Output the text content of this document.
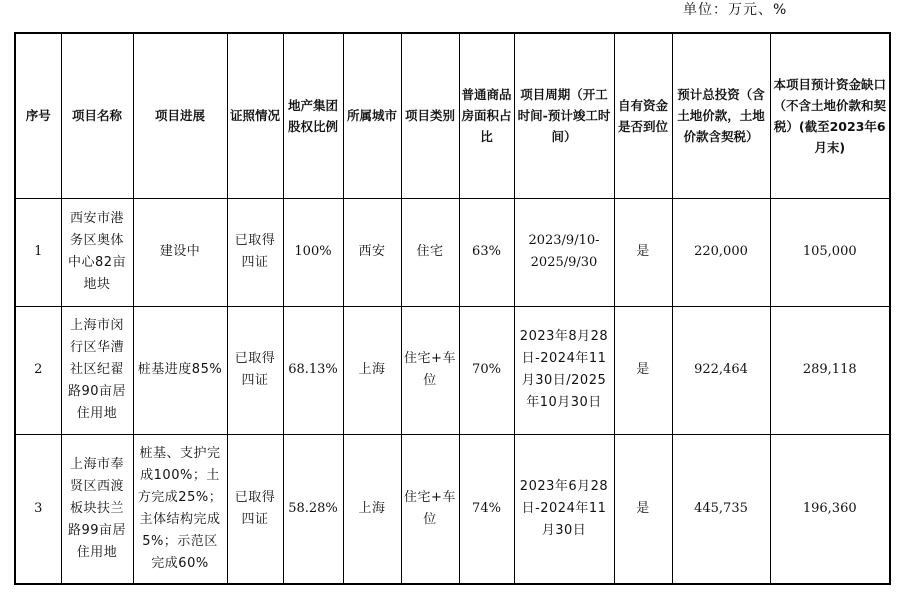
单位：万元、%
序号	项目名称	项目进展	证照情况	地产集团股权比例	所属城市	项目类别	普通商品房面积占比	项目周期（开工时间-预计竣工时间）	自有资金是否到位	预计总投资（含土地价款，土地价款含契税）	本项目预计资金缺口（不含土地价款和契税）(截至2023年6月末)
1	西安市港务区奥体中心82亩地块	建设中	已取得四证	100%	西安	住宅	63%	2023/9/10-2025/9/30	是	220,000	105,000
2	上海市闵行区华漕社区纪翟路90亩居住用地	桩基进度85%	已取得四证	68.13%	上海	住宅+车位	70%	2023年8月28日-2024年11月30日/2025年10月30日	是	922,464	289,118
3	上海市奉贤区西渡板块扶兰路99亩居住用地	桩基、支护完成100%；土方完成25%；主体结构完成5%；示范区完成60%	已取得四证	58.28%	上海	住宅+车位	74%	2023年6月28日-2024年11月30日	是	445,735	196,360
